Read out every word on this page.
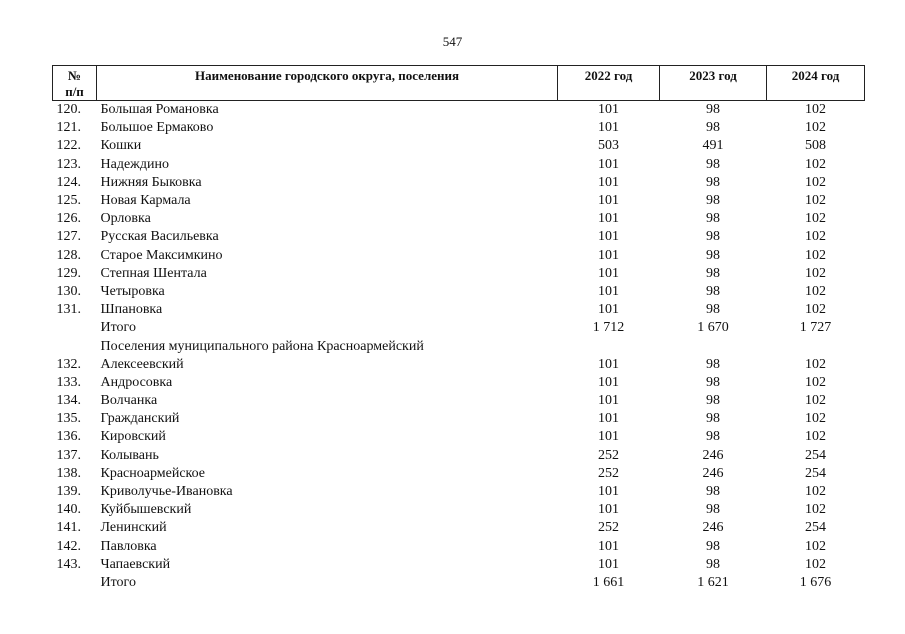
547
№
п/п	Наименование городского округа, поселения	2022 год	2023 год	2024 год
120.	Большая Романовка	101	98	102
121.	Большое Ермаково	101	98	102
122.	Кошки	503	491	508
123.	Надеждино	101	98	102
124.	Нижняя Быковка	101	98	102
125.	Новая Кармала	101	98	102
126.	Орловка	101	98	102
127.	Русская Васильевка	101	98	102
128.	Старое Максимкино	101	98	102
129.	Степная Шентала	101	98	102
130.	Четыровка	101	98	102
131.	Шпановка	101	98	102
	Итого	1 712	1 670	1 727
	Поселения муниципального района Красноармейский			
132.	Алексеевский	101	98	102
133.	Андросовка	101	98	102
134.	Волчанка	101	98	102
135.	Гражданский	101	98	102
136.	Кировский	101	98	102
137.	Колывань	252	246	254
138.	Красноармейское	252	246	254
139.	Криволучье-Ивановка	101	98	102
140.	Куйбышевский	101	98	102
141.	Ленинский	252	246	254
142.	Павловка	101	98	102
143.	Чапаевский	101	98	102
	Итого	1 661	1 621	1 676
